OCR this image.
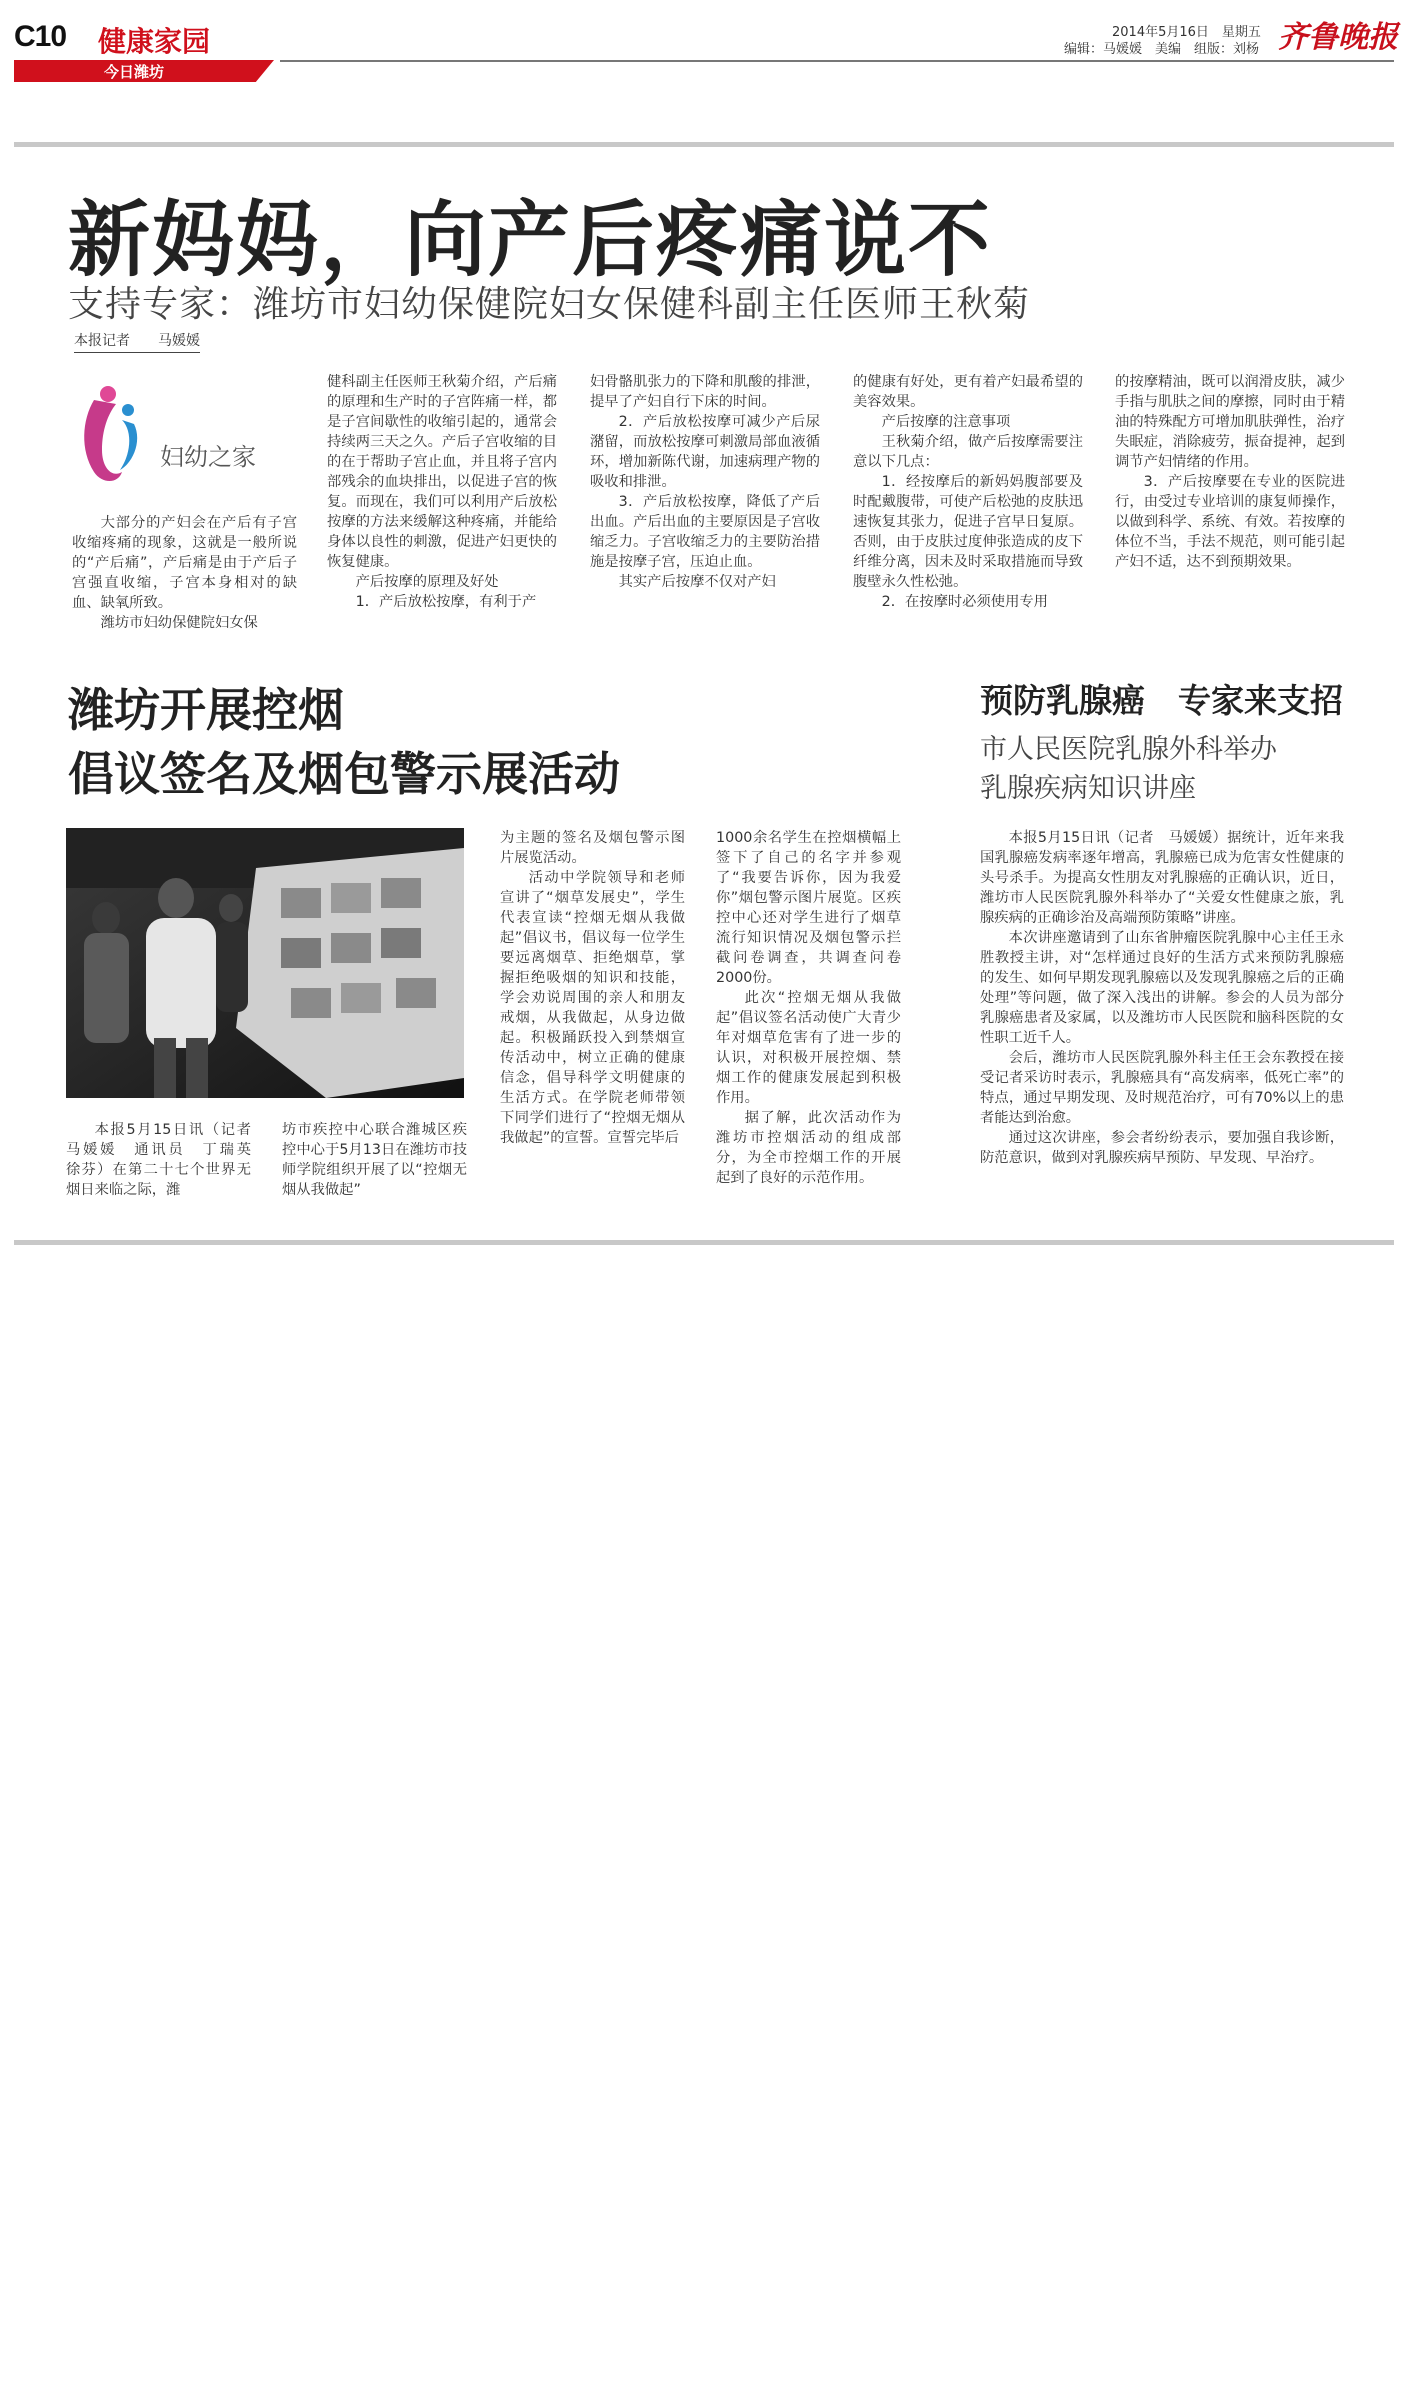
C10 健康家园
今日潍坊
2014年5月16日　星期五
编辑：马媛媛　美编　组版：刘杨 齐鲁晚报
新妈妈，向产后疼痛说不
支持专家：潍坊市妇幼保健院妇女保健科副主任医师王秋菊
本报记者　　马媛媛
妇幼之家

大部分的产妇会在产后有子宫收缩疼痛的现象，这就是一般所说的“产后痛”，产后痛是由于产后子宫强直收缩，子宫本身相对的缺血、缺氧所致。

潍坊市妇幼保健院妇女保

健科副主任医师王秋菊介绍，产后痛的原理和生产时的子宫阵痛一样，都是子宫间歇性的收缩引起的，通常会持续两三天之久。产后子宫收缩的目的在于帮助子宫止血，并且将子宫内部残余的血块排出，以促进子宫的恢复。而现在，我们可以利用产后放松按摩的方法来缓解这种疼痛，并能给身体以良性的刺激，促进产妇更快的恢复健康。

产后按摩的原理及好处

1．产后放松按摩，有利于产

妇骨骼肌张力的下降和肌酸的排泄，提早了产妇自行下床的时间。

2．产后放松按摩可减少产后尿潴留，而放松按摩可刺激局部血液循环，增加新陈代谢，加速病理产物的吸收和排泄。

3．产后放松按摩，降低了产后出血。产后出血的主要原因是子宫收缩乏力。子宫收缩乏力的主要防治措施是按摩子宫，压迫止血。

其实产后按摩不仅对产妇

的健康有好处，更有着产妇最希望的美容效果。

产后按摩的注意事项

王秋菊介绍，做产后按摩需要注意以下几点：

1．经按摩后的新妈妈腹部要及时配戴腹带，可使产后松弛的皮肤迅速恢复其张力，促进子宫早日复原。否则，由于皮肤过度伸张造成的皮下纤维分离，因未及时采取措施而导致腹壁永久性松弛。

2．在按摩时必须使用专用

的按摩精油，既可以润滑皮肤，减少手指与肌肤之间的摩擦，同时由于精油的特殊配方可增加肌肤弹性，治疗失眠症，消除疲劳，振奋提神，起到调节产妇情绪的作用。

3．产后按摩要在专业的医院进行，由受过专业培训的康复师操作，以做到科学、系统、有效。若按摩的体位不当，手法不规范，则可能引起产妇不适，达不到预期效果。

潍坊开展控烟
倡议签名及烟包警示展活动

本报5月15日讯（记者　马媛媛　通讯员　丁瑞英　徐芬）在第二十七个世界无烟日来临之际，潍

坊市疾控中心联合潍城区疾控中心于5月13日在潍坊市技师学院组织开展了以“控烟无烟从我做起”

为主题的签名及烟包警示图片展览活动。

活动中学院领导和老师宣讲了“烟草发展史”，学生代表宣读“控烟无烟从我做起”倡议书，倡议每一位学生要远离烟草、拒绝烟草，掌握拒绝吸烟的知识和技能，学会劝说周围的亲人和朋友戒烟，从我做起，从身边做起。积极踊跃投入到禁烟宣传活动中，树立正确的健康信念，倡导科学文明健康的生活方式。在学院老师带领下同学们进行了“控烟无烟从我做起”的宣誓。宣誓完毕后

1000余名学生在控烟横幅上签下了自己的名字并参观了“我要告诉你，因为我爱你”烟包警示图片展览。区疾控中心还对学生进行了烟草流行知识情况及烟包警示拦截问卷调查，共调查问卷2000份。

此次“控烟无烟从我做起”倡议签名活动使广大青少年对烟草危害有了进一步的认识，对积极开展控烟、禁烟工作的健康发展起到积极作用。

据了解，此次活动作为潍坊市控烟活动的组成部分，为全市控烟工作的开展起到了良好的示范作用。

预防乳腺癌　专家来支招
市人民医院乳腺外科举办
乳腺疾病知识讲座

本报5月15日讯（记者　马媛媛）据统计，近年来我国乳腺癌发病率逐年增高，乳腺癌已成为危害女性健康的头号杀手。为提高女性朋友对乳腺癌的正确认识，近日，潍坊市人民医院乳腺外科举办了“关爱女性健康之旅，乳腺疾病的正确诊治及高端预防策略”讲座。

本次讲座邀请到了山东省肿瘤医院乳腺中心主任王永胜教授主讲，对“怎样通过良好的生活方式来预防乳腺癌的发生、如何早期发现乳腺癌以及发现乳腺癌之后的正确处理”等问题，做了深入浅出的讲解。参会的人员为部分乳腺癌患者及家属，以及潍坊市人民医院和脑科医院的女性职工近千人。

会后，潍坊市人民医院乳腺外科主任王会东教授在接受记者采访时表示，乳腺癌具有“高发病率，低死亡率”的特点，通过早期发现、及时规范治疗，可有70%以上的患者能达到治愈。

通过这次讲座，参会者纷纷表示，要加强自我诊断，防范意识，做到对乳腺疾病早预防、早发现、早治疗。
